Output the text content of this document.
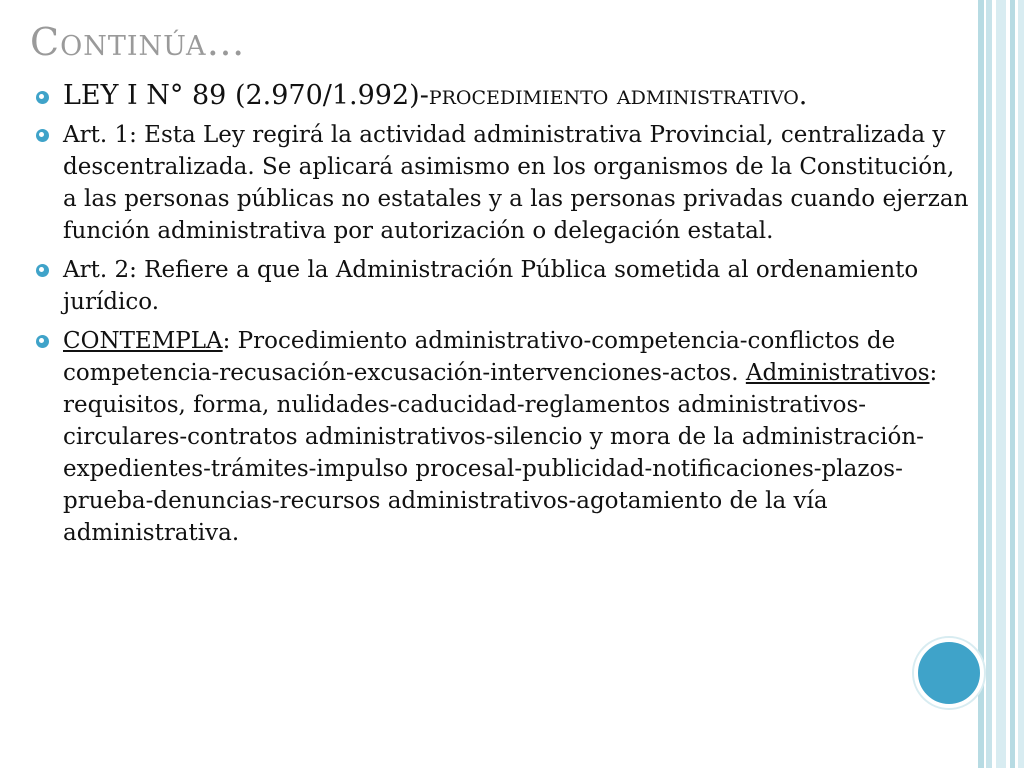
Continúa…
LEY I N° 89 (2.970/1.992)-procedimiento administrativo.
Art. 1: Esta Ley regirá la actividad administrativa Provincial, centralizada y descentralizada. Se aplicará asimismo en los organismos de la Constitución, a las personas públicas no estatales y a las personas privadas cuando ejerzan función administrativa por autorización o delegación estatal.
Art. 2: Refiere a que la Administración Pública sometida al ordenamiento jurídico.
CONTEMPLA: Procedimiento administrativo-competencia-conflictos de competencia-recusación-excusación-intervenciones-actos. Administrativos: requisitos, forma, nulidades-caducidad-reglamentos administrativos-circulares-contratos administrativos-silencio y mora de la administración-expedientes-trámites-impulso procesal-publicidad-notificaciones-plazos-prueba-denuncias-recursos administrativos-agotamiento de la vía administrativa.
